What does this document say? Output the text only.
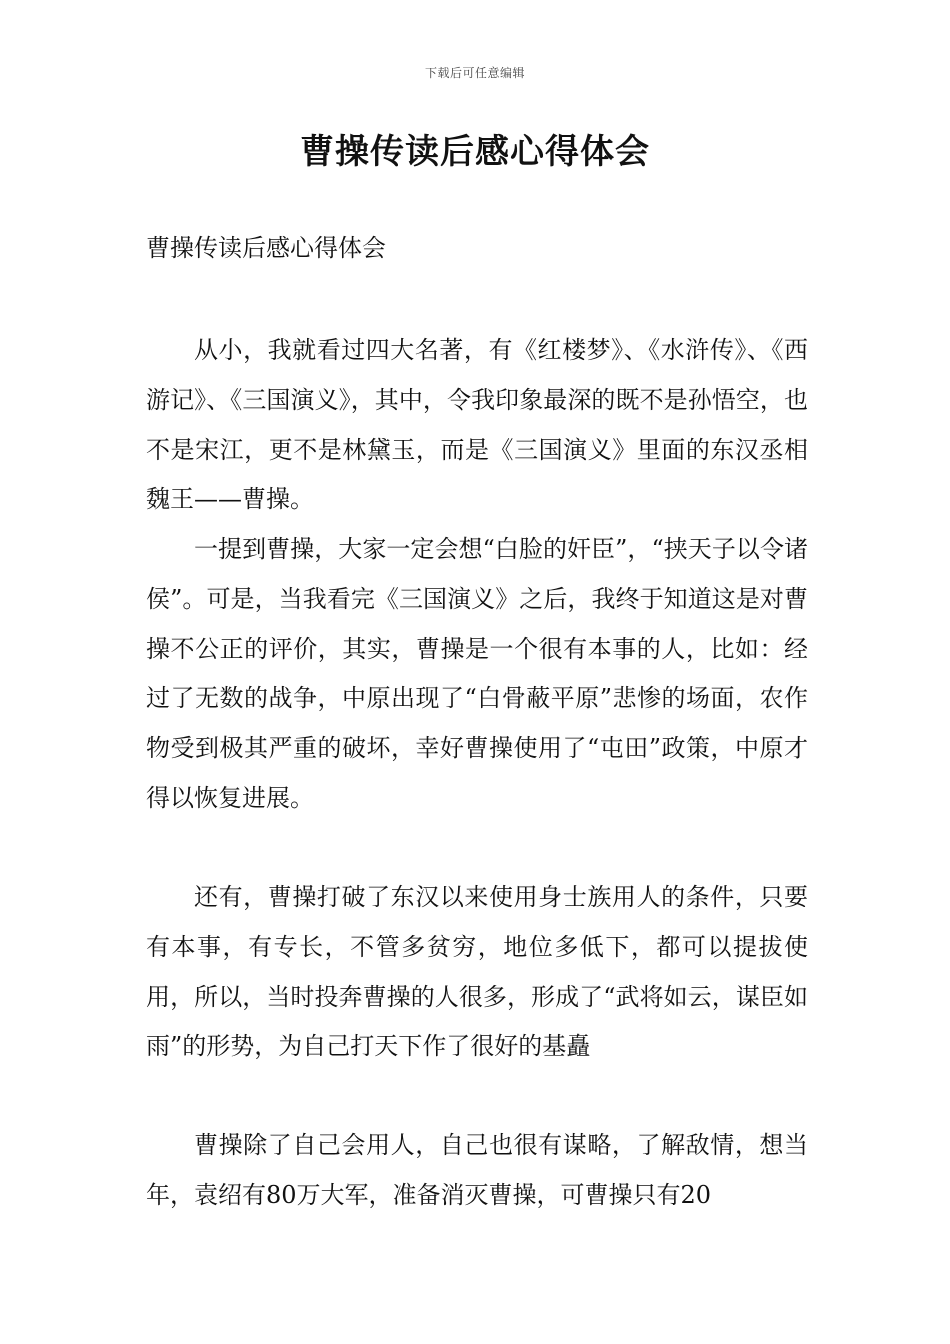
下载后可任意编辑
曹操传读后感心得体会
曹操传读后感心得体会

从小，我就看过四大名著，有《红楼梦》、《水浒传》、《西游记》、《三国演义》，其中，令我印象最深的既不是孙悟空，也不是宋江，更不是林黛玉，而是《三国演义》里面的东汉丞相魏王——曹操。

一提到曹操，大家一定会想“白脸的奸臣”，“挟天子以令诸侯”。可是，当我看完《三国演义》之后，我终于知道这是对曹操不公正的评价，其实，曹操是一个很有本事的人，比如：经过了无数的战争，中原出现了“白骨蔽平原”悲惨的场面，农作物受到极其严重的破坏，幸好曹操使用了“屯田”政策，中原才得以恢复进展。

还有，曹操打破了东汉以来使用身士族用人的条件，只要有本事，有专长，不管多贫穷，地位多低下，都可以提拔使用，所以，当时投奔曹操的人很多，形成了“武将如云，谋臣如雨”的形势，为自己打天下作了很好的基矗

曹操除了自己会用人，自己也很有谋略，了解敌情，想当年，袁绍有80万大军，准备消灭曹操，可曹操只有20
